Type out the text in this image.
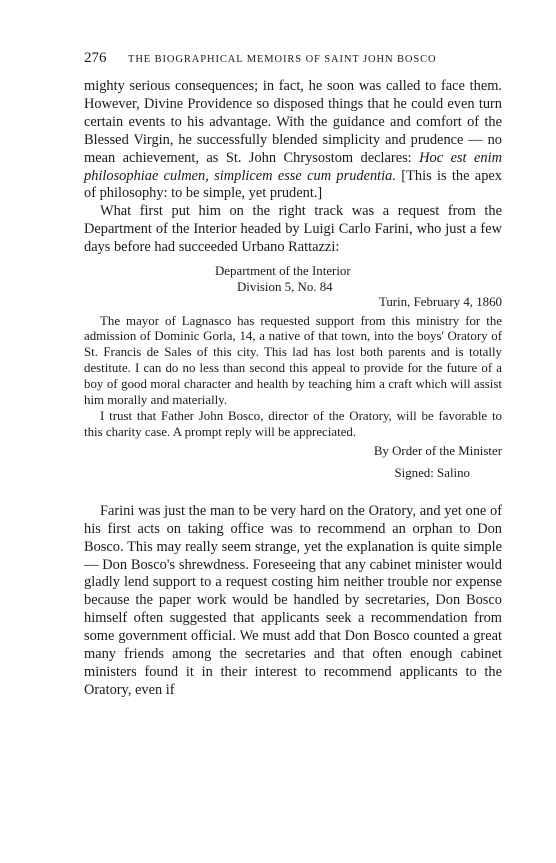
276	THE BIOGRAPHICAL MEMOIRS OF SAINT JOHN BOSCO

mighty serious consequences; in fact, he soon was called to face them. However, Divine Providence so disposed things that he could even turn certain events to his advantage. With the guidance and comfort of the Blessed Virgin, he successfully blended simplicity and prudence — no mean achievement, as St. John Chrysostom declares: Hoc est enim philosophiae culmen, simplicem esse cum prudentia. [This is the apex of philosophy: to be simple, yet prudent.]

What first put him on the right track was a request from the Department of the Interior headed by Luigi Carlo Farini, who just a few days before had succeeded Urbano Rattazzi:

Department of the Interior
Division 5, No. 84
Turin, February 4, 1860

The mayor of Lagnasco has requested support from this ministry for the admission of Dominic Gorla, 14, a native of that town, into the boys' Oratory of St. Francis de Sales of this city. This lad has lost both parents and is totally destitute. I can do no less than second this appeal to provide for the future of a boy of good moral character and health by teaching him a craft which will assist him morally and materially.

I trust that Father John Bosco, director of the Oratory, will be favorable to this charity case. A prompt reply will be appreciated.

By Order of the Minister
Signed: Salino

Farini was just the man to be very hard on the Oratory, and yet one of his first acts on taking office was to recommend an orphan to Don Bosco. This may really seem strange, yet the explanation is quite simple — Don Bosco's shrewdness. Foreseeing that any cabinet minister would gladly lend support to a request costing him neither trouble nor expense because the paper work would be handled by secretaries, Don Bosco himself often suggested that applicants seek a recommendation from some government official. We must add that Don Bosco counted a great many friends among the secretaries and that often enough cabinet ministers found it in their interest to recommend applicants to the Oratory, even if
